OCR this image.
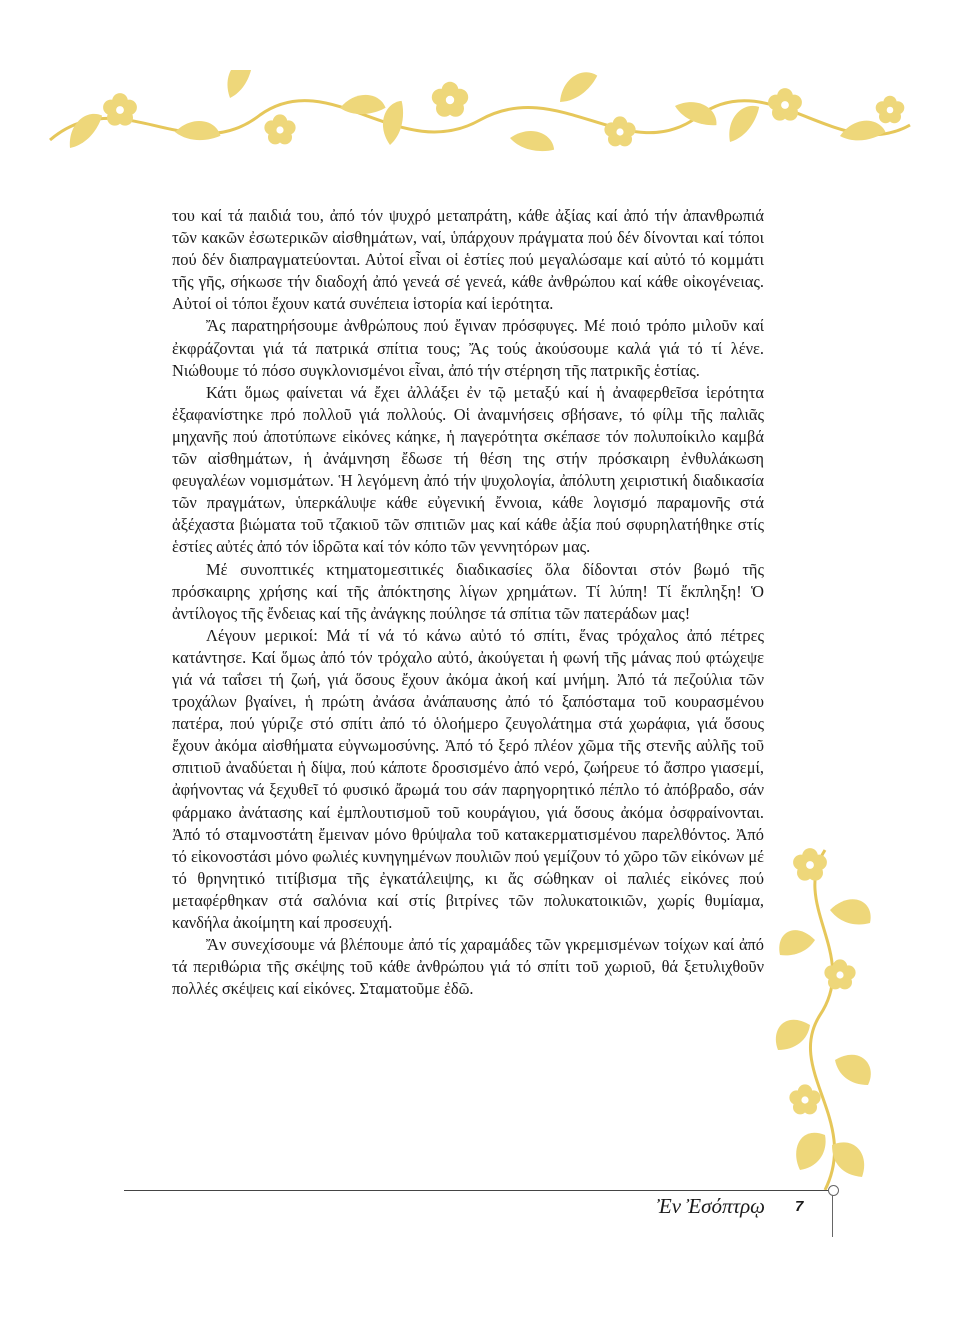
του καί τά παιδιά του, ἀπό τόν ψυχρό μεταπράτη, κάθε ἀξίας καί ἀπό τήν ἀπανθρωπιά τῶν κακῶν ἐσωτερικῶν αἰσθημάτων, ναί, ὑπάρχουν πράγματα πού δέν δίνονται καί τόποι πού δέν διαπραγματεύονται. Αὐτοί εἶναι οἱ ἑστίες πού μεγαλώσαμε καί αὐτό τό κομμάτι τῆς γῆς, σήκωσε τήν διαδοχή ἀπό γενεά σέ γενεά, κάθε ἀνθρώπου καί κάθε οἰκογένειας. Αὐτοί οἱ τόποι ἔχουν κατά συνέπεια ἱστορία καί ἱερότητα.

Ἄς παρατηρήσουμε ἀνθρώπους πού ἔγιναν πρόσφυγες. Μέ ποιό τρόπο μιλοῦν καί ἐκφράζονται γιά τά πατρικά σπίτια τους; Ἄς τούς ἀκούσουμε καλά γιά τό τί λένε. Νιώθουμε τό πόσο συγκλονισμένοι εἶναι, ἀπό τήν στέρηση τῆς πατρικῆς ἑστίας.

Κάτι ὅμως φαίνεται νά ἔχει ἀλλάξει ἐν τῷ μεταξύ καί ἡ ἀναφερθεῖσα ἱερότητα ἐξαφανίστηκε πρό πολλοῦ γιά πολλούς. Οἱ ἀναμνήσεις σβήσανε, τό φίλμ τῆς παλιᾶς μηχανῆς πού ἀποτύπωνε εἰκόνες κάηκε, ἡ παγερότητα σκέπασε τόν πολυποίκιλο καμβά τῶν αἰσθημάτων, ἡ ἀνάμνηση ἔδωσε τή θέση της στήν πρόσκαιρη ἐνθυλάκωση φευγαλέων νομισμάτων. Ἡ λεγόμενη ἀπό τήν ψυχολογία, ἀπόλυτη χειριστική διαδικασία τῶν πραγμάτων, ὑπερκάλυψε κάθε εὐγενική ἔννοια, κάθε λογισμό παραμονῆς στά ἀξέχαστα βιώματα τοῦ τζακιοῦ τῶν σπιτιῶν μας καί κάθε ἀξία πού σφυρηλατήθηκε στίς ἑστίες αὐτές ἀπό τόν ἱδρῶτα καί τόν κόπο τῶν γεννητόρων μας.

Μέ συνοπτικές κτηματομεσιτικές διαδικασίες ὅλα δίδονται στόν βωμό τῆς πρόσκαιρης χρήσης καί τῆς ἀπόκτησης λίγων χρημάτων. Τί λύπη! Τί ἔκπληξη! Ὁ ἀντίλογος τῆς ἔνδειας καί τῆς ἀνάγκης πούλησε τά σπίτια τῶν πατεράδων μας!

Λέγουν μερικοί: Μά τί νά τό κάνω αὐτό τό σπίτι, ἕνας τρόχαλος ἀπό πέτρες κατάντησε. Καί ὅμως ἀπό τόν τρόχαλο αὐτό, ἀκούγεται ἡ φωνή τῆς μάνας πού φτώχεψε γιά νά ταΐσει τή ζωή, γιά ὅσους ἔχουν ἀκόμα ἀκοή καί μνήμη. Ἀπό τά πεζούλια τῶν τροχάλων βγαίνει, ἡ πρώτη ἀνάσα ἀνάπαυσης ἀπό τό ξαπόσταμα τοῦ κουρασμένου πατέρα, πού γύριζε στό σπίτι ἀπό τό ὁλοήμερο ζευγολάτημα στά χωράφια, γιά ὅσους ἔχουν ἀκόμα αἰσθήματα εὐγνωμοσύνης. Ἀπό τό ξερό πλέον χῶμα τῆς στενῆς αὐλῆς τοῦ σπιτιοῦ ἀναδύεται ἡ δίψα, πού κάποτε δροσισμένο ἀπό νερό, ζωήρευε τό ἄσπρο γιασεμί, ἀφήνοντας νά ξεχυθεῖ τό φυσικό ἄρωμά του σάν παρηγορητικό πέπλο τό ἀπόβραδο, σάν φάρμακο ἀνάτασης καί ἐμπλουτισμοῦ τοῦ κουράγιου, γιά ὅσους ἀκόμα ὀσφραίνονται. Ἀπό τό σταμνοστάτη ἔμειναν μόνο θρύψαλα τοῦ κατακερματισμένου παρελθόντος. Ἀπό τό εἰκονοστάσι μόνο φωλιές κυνηγημένων πουλιῶν πού γεμίζουν τό χῶρο τῶν εἰκόνων μέ τό θρηνητικό τιτίβισμα τῆς ἐγκατάλειψης, κι ἄς σώθηκαν οἱ παλιές εἰκόνες πού μεταφέρθηκαν στά σαλόνια καί στίς βιτρίνες τῶν πολυκατοικιῶν, χωρίς θυμίαμα, κανδήλα ἀκοίμητη καί προσευχή.

Ἄν συνεχίσουμε νά βλέπουμε ἀπό τίς χαραμάδες τῶν γκρεμισμένων τοίχων καί ἀπό τά περιθώρια τῆς σκέψης τοῦ κάθε ἀνθρώπου γιά τό σπίτι τοῦ χωριοῦ, θά ξετυλιχθοῦν πολλές σκέψεις καί εἰκόνες. Σταματοῦμε ἐδῶ.

Ἐν Ἐσόπτρῳ 7
